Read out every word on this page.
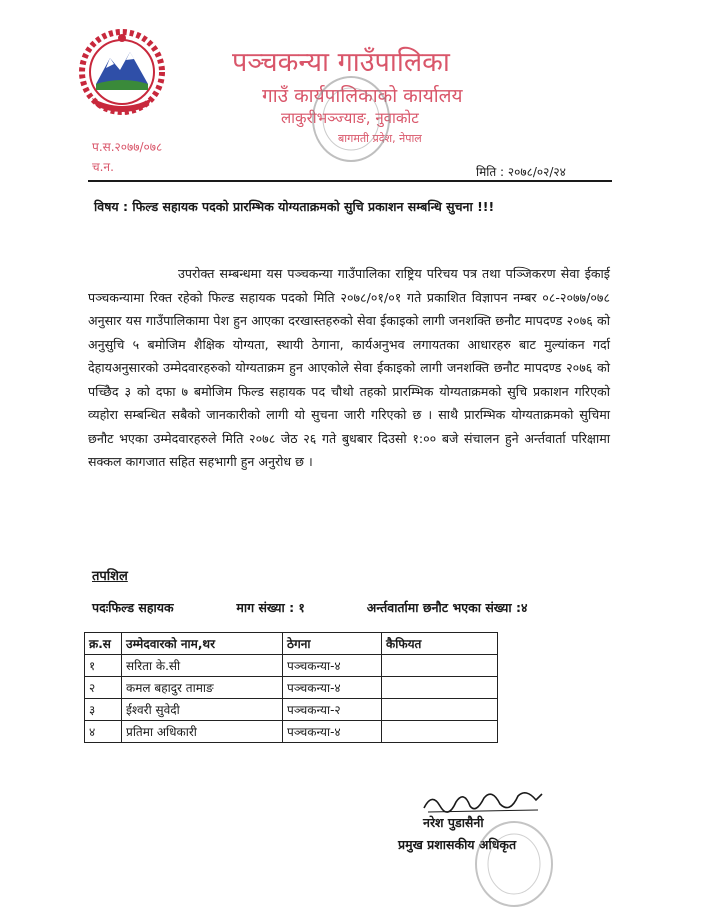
पञ्चकन्या गाउँपालिका
गाउँ कार्यपालिकाको कार्यालय
लाकुरीभञ्ज्याङ, नुवाकोट
बागमती प्रदेश, नेपाल
प.स.२०७७/०७८
च.न.	मिति : २०७८/०२/२४
विषय : फिल्ड सहायक पदको प्रारम्भिक योग्यताक्रमको सुचि प्रकाशन सम्बन्धि सुचना !!!
उपरोक्त सम्बन्धमा यस पञ्चकन्या गाउँपालिका राष्ट्रिय परिचय पत्र तथा पञ्जिकरण सेवा ईकाई पञ्चकन्यामा रिक्त रहेको फिल्ड सहायक पदको मिति २०७८/०१/०१ गते प्रकाशित विज्ञापन नम्बर ०८-२०७७/०७८ अनुसार यस गाउँपालिकामा पेश हुन आएका दरखास्तहरुको सेवा ईकाइको लागी जनशक्ति छनौट मापदण्ड २०७६ को अनुसुचि ५ बमोजिम शैक्षिक योग्यता, स्थायी ठेगाना, कार्यअनुभव लगायतका आधारहरु बाट मुल्यांकन गर्दा देहायअनुसारको उम्मेदवारहरुको योग्यताक्रम हुन आएकोले सेवा ईकाइको लागी जनशक्ति छनौट मापदण्ड २०७६ को पच्छिेद ३ को दफा ७ बमोजिम फिल्ड सहायक पद चौथो तहको प्रारम्भिक योग्यताक्रमको सुचि प्रकाशन गरिएको व्यहोरा सम्बन्धित सबैको जानकारीको लागी यो सुचना जारी गरिएको छ । साथै प्रारम्भिक योग्यताक्रमको सुचिमा छनौट भएका उम्मेदवारहरुले मिति २०७८ जेठ २६ गते बुधबार दिउसो १:०० बजे संचालन हुने अर्न्तवार्ता परिक्षामा सक्कल कागजात सहित सहभागी हुन अनुरोध छ ।
तपशिल
पदःफिल्ड सहायक	माग संख्या : १	अर्न्तवार्तामा छनौट भएका संख्या :४
क्र.स	उम्मेदवारको नाम,थर	ठेगना	कैफियत
१	सरिता के.सी	पञ्चकन्या-४	
२	कमल बहादुर तामाङ	पञ्चकन्या-४	
३	ईश्वरी सुवेदी	पञ्चकन्या-२	
४	प्रतिमा अधिकारी	पञ्चकन्या-४	
नरेश पुडासैनी
प्रमुख प्रशासकीय अधिकृत
